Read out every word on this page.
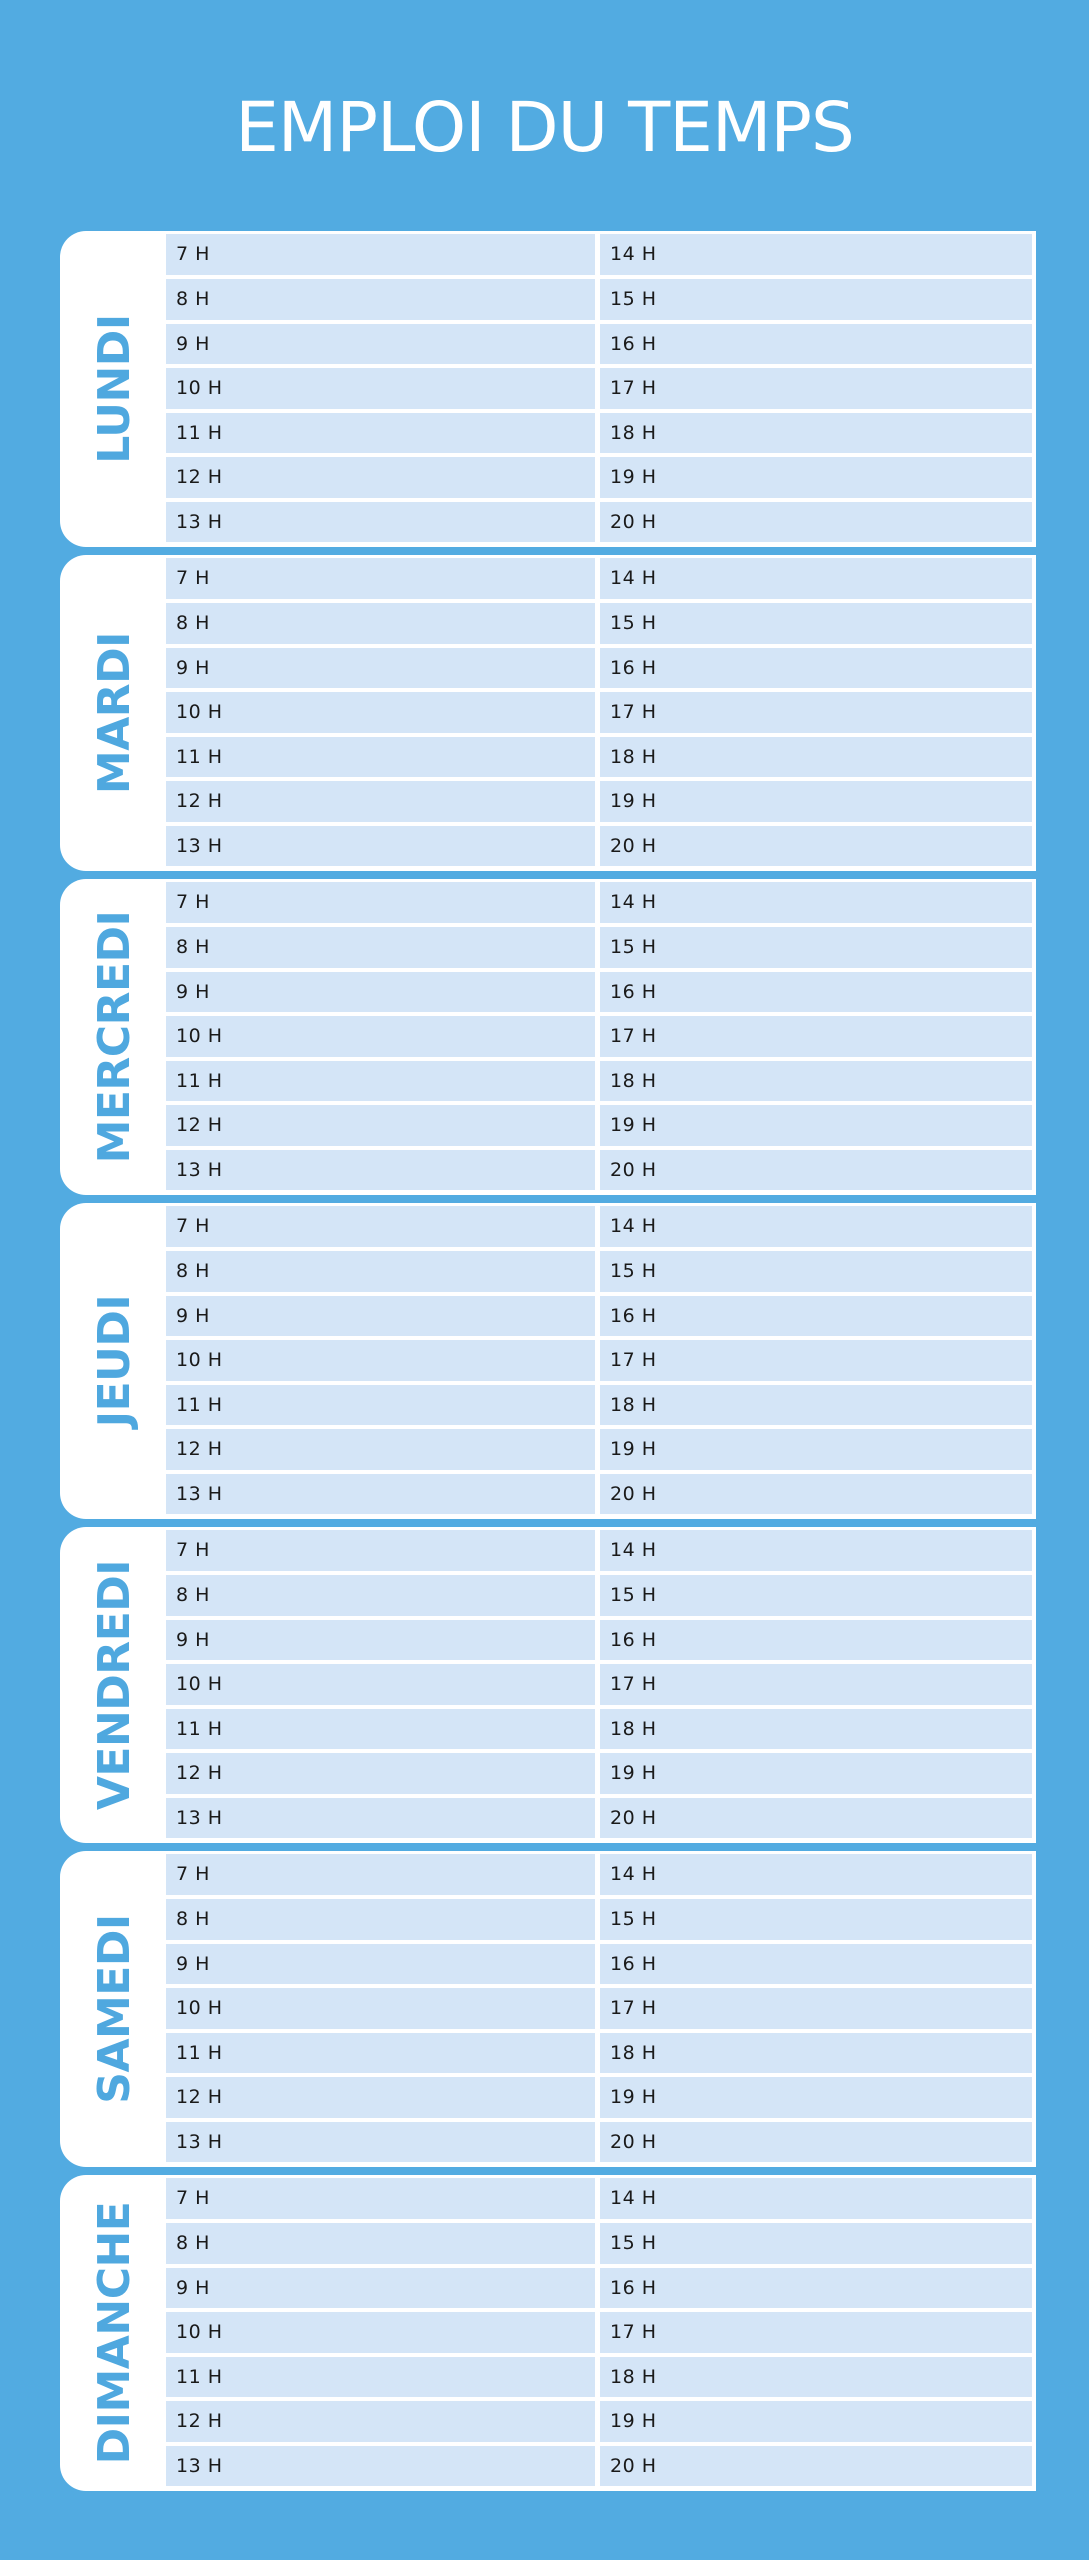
EMPLOI DU TEMPS
LUNDI
7 H
8 H
9 H
10 H
11 H
12 H
13 H
14 H
15 H
16 H
17 H
18 H
19 H
20 H
MARDI
7 H
8 H
9 H
10 H
11 H
12 H
13 H
14 H
15 H
16 H
17 H
18 H
19 H
20 H
MERCREDI
7 H
8 H
9 H
10 H
11 H
12 H
13 H
14 H
15 H
16 H
17 H
18 H
19 H
20 H
JEUDI
7 H
8 H
9 H
10 H
11 H
12 H
13 H
14 H
15 H
16 H
17 H
18 H
19 H
20 H
VENDREDI
7 H
8 H
9 H
10 H
11 H
12 H
13 H
14 H
15 H
16 H
17 H
18 H
19 H
20 H
SAMEDI
7 H
8 H
9 H
10 H
11 H
12 H
13 H
14 H
15 H
16 H
17 H
18 H
19 H
20 H
DIMANCHE
7 H
8 H
9 H
10 H
11 H
12 H
13 H
14 H
15 H
16 H
17 H
18 H
19 H
20 H
